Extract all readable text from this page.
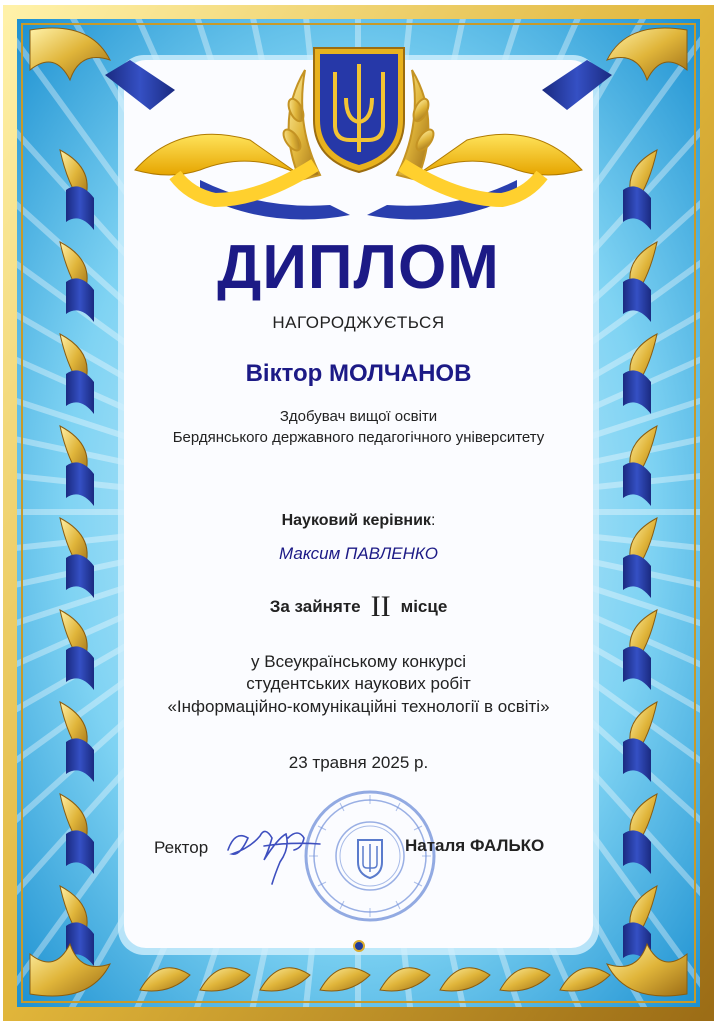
ДИПЛОМ
НАГОРОДЖУЄТЬСЯ
Віктор МОЛЧАНОВ
Здобувач вищої освіти
Бердянського державного педагогічного університету
Науковий керівник:
Максим ПАВЛЕНКО
За зайняте II місце
у Всеукраїнському конкурсі
студентських наукових робіт
«Інформаційно-комунікаційні технології в освіті»
23 травня 2025 р.
Ректор	Наталя ФАЛЬКО
